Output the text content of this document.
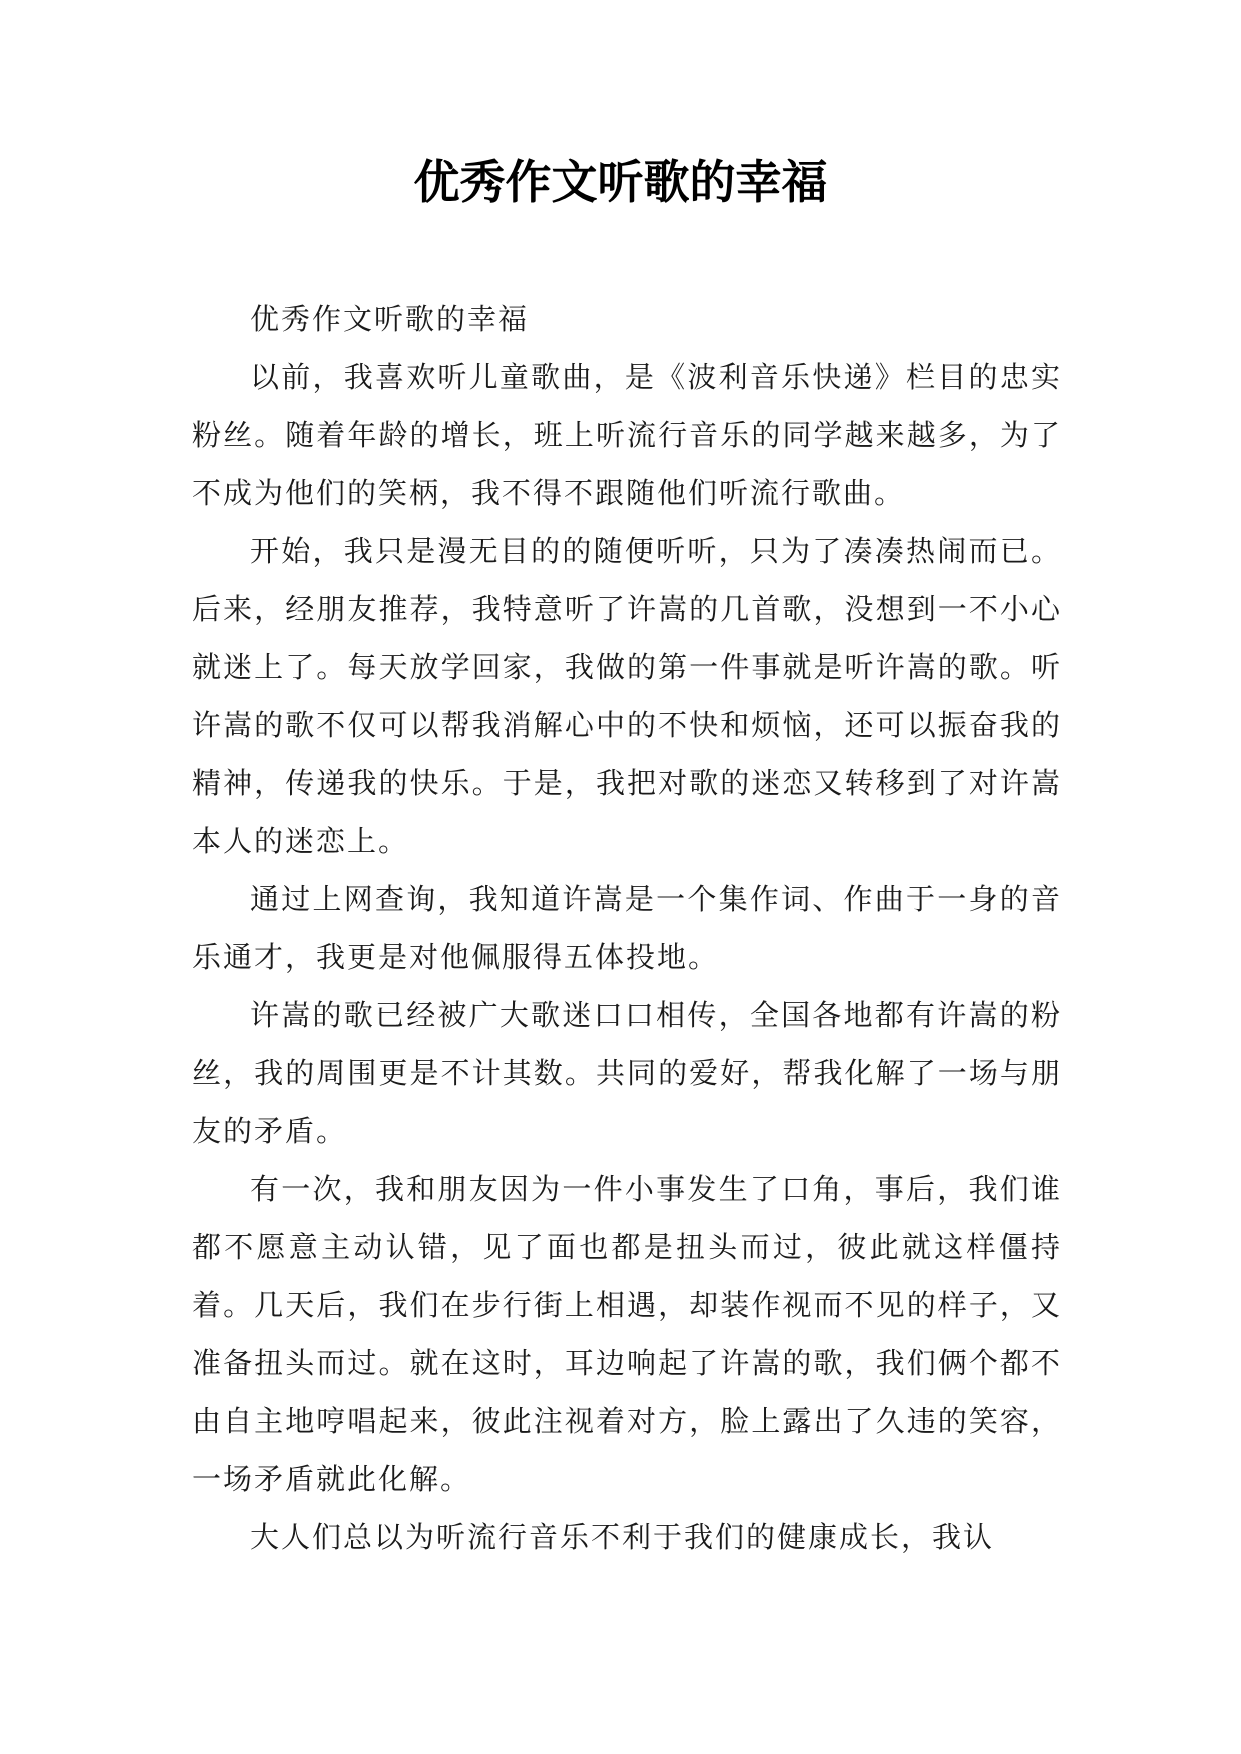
优秀作文听歌的幸福

优秀作文听歌的幸福

以前，我喜欢听儿童歌曲，是《波利音乐快递》栏目的忠实粉丝。随着年龄的增长，班上听流行音乐的同学越来越多，为了不成为他们的笑柄，我不得不跟随他们听流行歌曲。

开始，我只是漫无目的的随便听听，只为了凑凑热闹而已。后来，经朋友推荐，我特意听了许嵩的几首歌，没想到一不小心就迷上了。每天放学回家，我做的第一件事就是听许嵩的歌。听许嵩的歌不仅可以帮我消解心中的不快和烦恼，还可以振奋我的精神，传递我的快乐。于是，我把对歌的迷恋又转移到了对许嵩本人的迷恋上。

通过上网查询，我知道许嵩是一个集作词、作曲于一身的音乐通才，我更是对他佩服得五体投地。

许嵩的歌已经被广大歌迷口口相传，全国各地都有许嵩的粉丝，我的周围更是不计其数。共同的爱好，帮我化解了一场与朋友的矛盾。

有一次，我和朋友因为一件小事发生了口角，事后，我们谁都不愿意主动认错，见了面也都是扭头而过，彼此就这样僵持着。几天后，我们在步行街上相遇，却装作视而不见的样子，又准备扭头而过。就在这时，耳边响起了许嵩的歌，我们俩个都不由自主地哼唱起来，彼此注视着对方，脸上露出了久违的笑容，一场矛盾就此化解。

大人们总以为听流行音乐不利于我们的健康成长，我认
